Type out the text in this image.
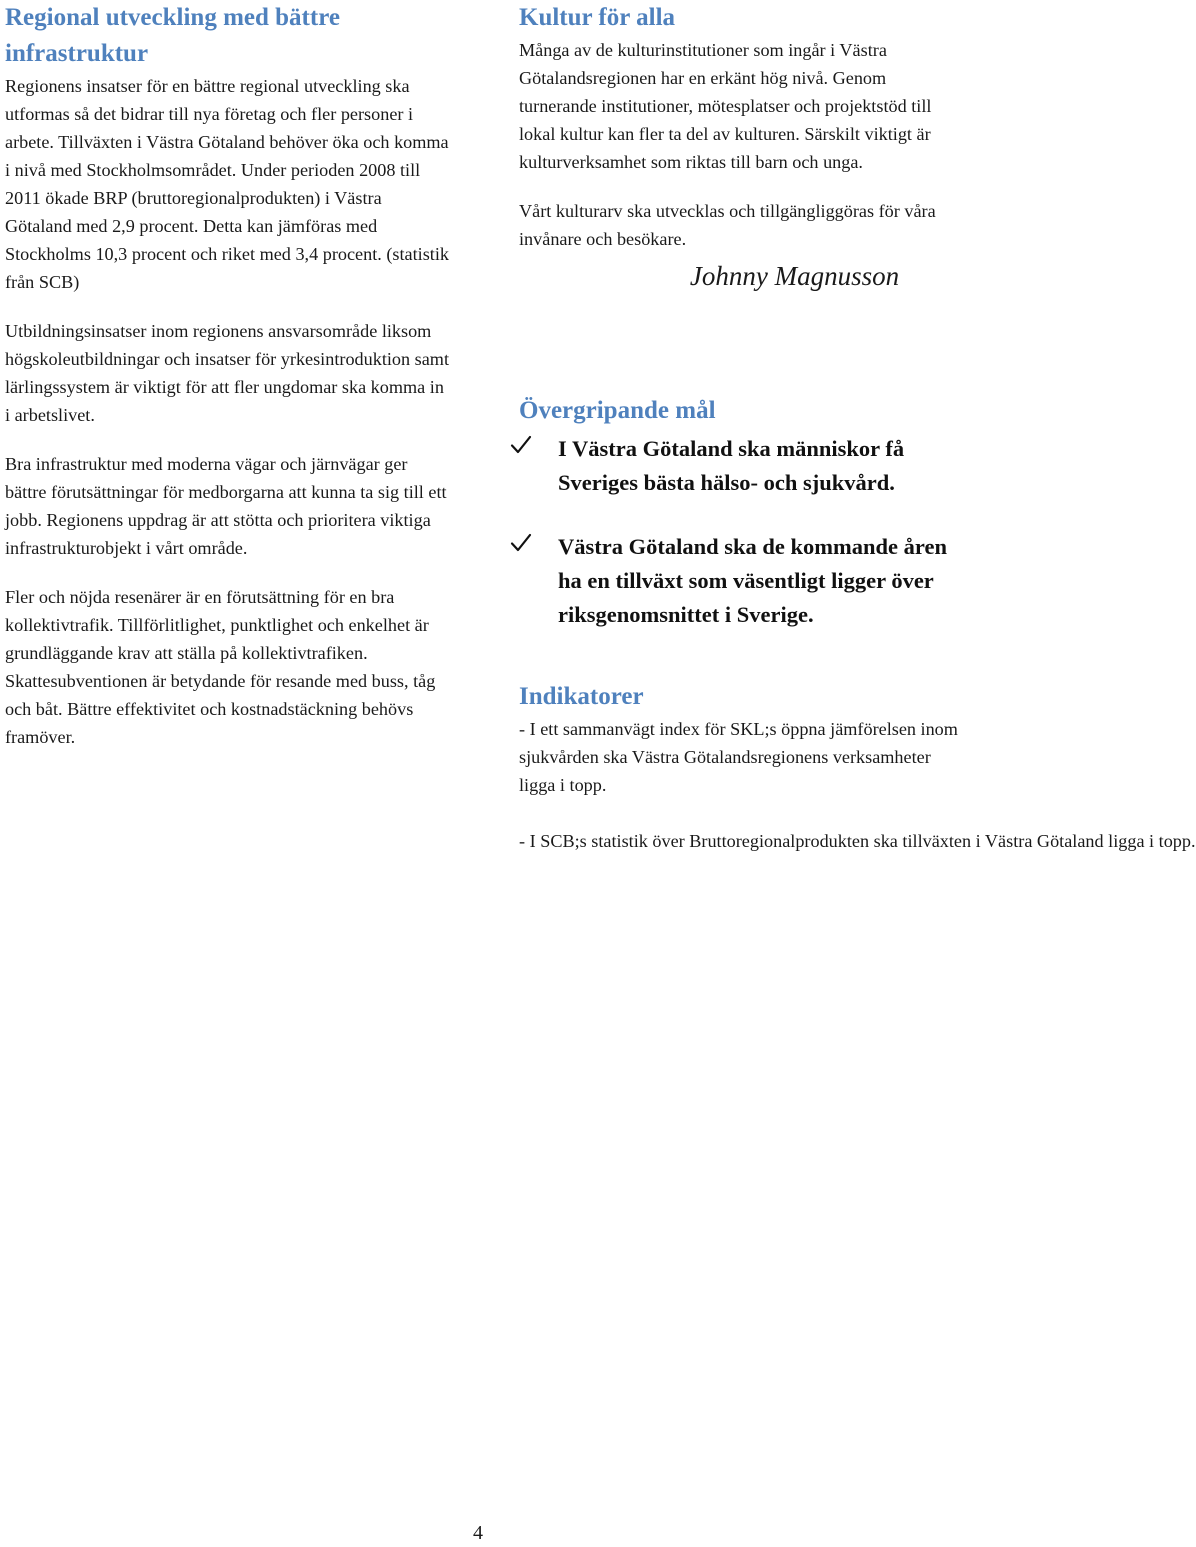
Regional utveckling med bättre infrastruktur

Regionens insatser för en bättre regional utveckling ska utformas så det bidrar till nya företag och fler personer i arbete. Tillväxten i Västra Götaland behöver öka och komma i nivå med Stockholmsområdet. Under perioden 2008 till 2011 ökade BRP (bruttoregionalprodukten) i Västra Götaland med 2,9 procent. Detta kan jämföras med Stockholms 10,3 procent och riket med 3,4 procent. (statistik från SCB)

Utbildningsinsatser inom regionens ansvarsområde liksom högskoleutbildningar och insatser för yrkesintroduktion samt lärlingssystem är viktigt för att fler ungdomar ska komma in i arbetslivet.

Bra infrastruktur med moderna vägar och järnvägar ger bättre förutsättningar för medborgarna att kunna ta sig till ett jobb. Regionens uppdrag är att stötta och prioritera viktiga infrastrukturobjekt i vårt område.

Fler och nöjda resenärer är en förutsättning för en bra kollektivtrafik. Tillförlitlighet, punktlighet och enkelhet är grundläggande krav att ställa på kollektivtrafiken. Skattesubventionen är betydande för resande med buss, tåg och båt. Bättre effektivitet och kostnadstäckning behövs framöver.

Kultur för alla

Många av de kulturinstitutioner som ingår i Västra Götalandsregionen har en erkänt hög nivå. Genom turnerande institutioner, mötesplatser och projektstöd till lokal kultur kan fler ta del av kulturen. Särskilt viktigt är kulturverksamhet som riktas till barn och unga.

Vårt kulturarv ska utvecklas och tillgängliggöras för våra invånare och besökare.

Johnny Magnusson
Övergripande mål
I Västra Götaland ska människor få Sveriges bästa hälso- och sjukvård.
Västra Götaland ska de kommande åren ha en tillväxt som väsentligt ligger över riksgenomsnittet i Sverige.
Indikatorer

- I ett sammanvägt index för SKL;s öppna jämförelsen inom sjukvården ska Västra Götalandsregionens verksamheter ligga i topp.

- I SCB;s statistik över Bruttoregionalprodukten ska tillväxten i Västra Götaland ligga i topp.

4
